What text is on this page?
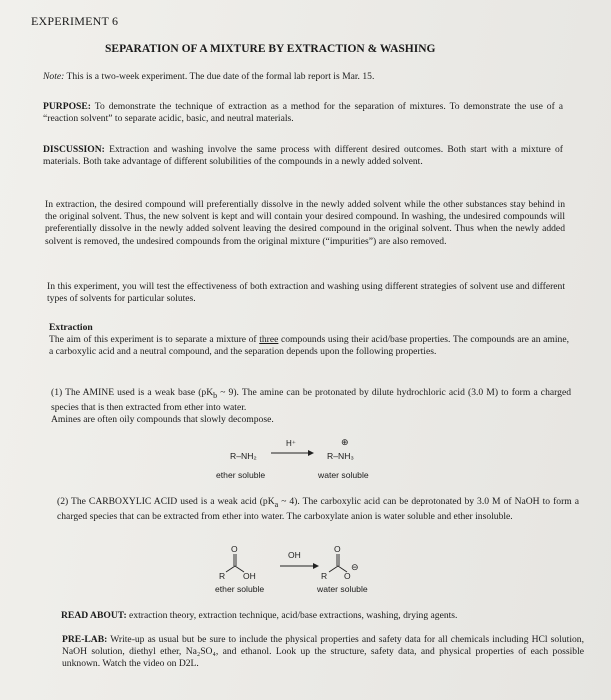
EXPERIMENT 6
SEPARATION OF A MIXTURE BY EXTRACTION & WASHING
Note: This is a two-week experiment. The due date of the formal lab report is Mar. 15.
PURPOSE: To demonstrate the technique of extraction as a method for the separation of mixtures. To demonstrate the use of a “reaction solvent” to separate acidic, basic, and neutral materials.
DISCUSSION: Extraction and washing involve the same process with different desired outcomes. Both start with a mixture of materials. Both take advantage of different solubilities of the compounds in a newly added solvent.
In extraction, the desired compound will preferentially dissolve in the newly added solvent while the other substances stay behind in the original solvent. Thus, the new solvent is kept and will contain your desired compound. In washing, the undesired compounds will preferentially dissolve in the newly added solvent leaving the desired compound in the original solvent. Thus when the newly added solvent is removed, the undesired compounds from the original mixture (“impurities”) are also removed.
In this experiment, you will test the effectiveness of both extraction and washing using different strategies of solvent use and different types of solvents for particular solutes.
Extraction
The aim of this experiment is to separate a mixture of three compounds using their acid/base properties. The compounds are an amine, a carboxylic acid and a neutral compound, and the separation depends upon the following properties.
(1) The AMINE used is a weak base ($pK_b$ ~ 9). The amine can be protonated by dilute hydrochloric acid (3.0 M) to form a charged species that is then extracted from ether into water.
Amines are often oily compounds that slowly decompose.
R–NH₂
H⁺	⊕
R–NH₃
ether soluble	water soluble
(2) The CARBOXYLIC ACID used is a weak acid ($pK_a$ ~ 4). The carboxylic acid can be deprotonated by 3.0 M of NaOH to form a charged species that can be extracted from ether into water. The carboxylate anion is water soluble and ether insoluble.
O
R OH
OH
O
R O
⊖
ether soluble	water soluble
READ ABOUT: extraction theory, extraction technique, acid/base extractions, washing, drying agents.
PRE-LAB: Write-up as usual but be sure to include the physical properties and safety data for all chemicals including HCl solution, NaOH solution, diethyl ether, Na₂SO₄, and ethanol. Look up the structure, safety data, and physical properties of each possible unknown. Watch the video on D2L.
